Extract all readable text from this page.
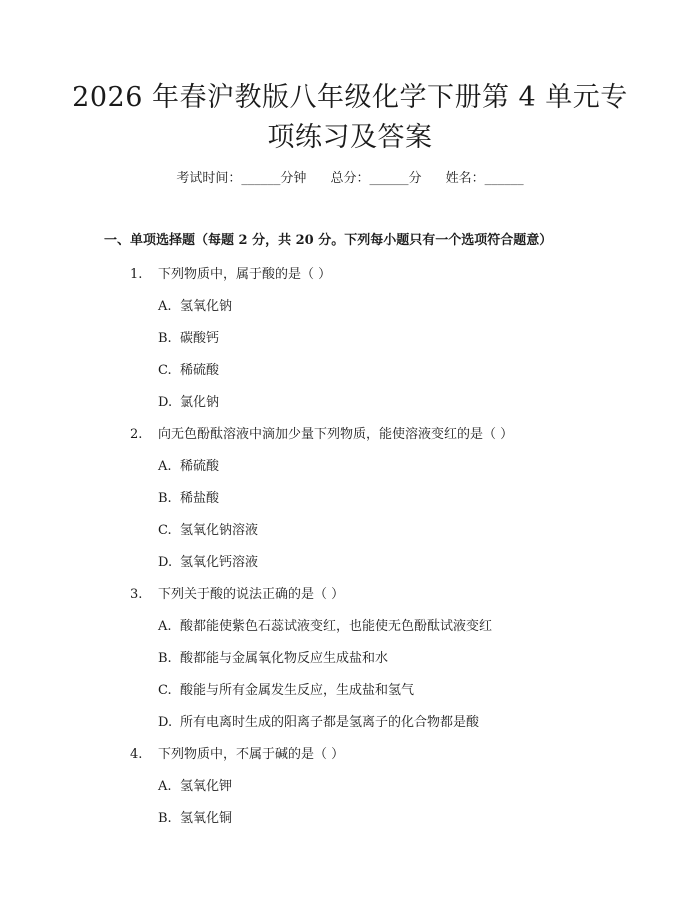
2026 年春沪教版八年级化学下册第 4 单元专
项练习及答案
考试时间：______分钟 总分：______分 姓名：______
一、单项选择题（每题 2 分，共 20 分。下列每小题只有一个选项符合题意）
1. 下列物质中，属于酸的是（ ）
A. 氢氧化钠
B. 碳酸钙
C. 稀硫酸
D. 氯化钠
2. 向无色酚酞溶液中滴加少量下列物质，能使溶液变红的是（ ）
A. 稀硫酸
B. 稀盐酸
C. 氢氧化钠溶液
D. 氢氧化钙溶液
3. 下列关于酸的说法正确的是（ ）
A. 酸都能使紫色石蕊试液变红，也能使无色酚酞试液变红
B. 酸都能与金属氧化物反应生成盐和水
C. 酸能与所有金属发生反应，生成盐和氢气
D. 所有电离时生成的阳离子都是氢离子的化合物都是酸
4. 下列物质中，不属于碱的是（ ）
A. 氢氧化钾
B. 氢氧化铜
